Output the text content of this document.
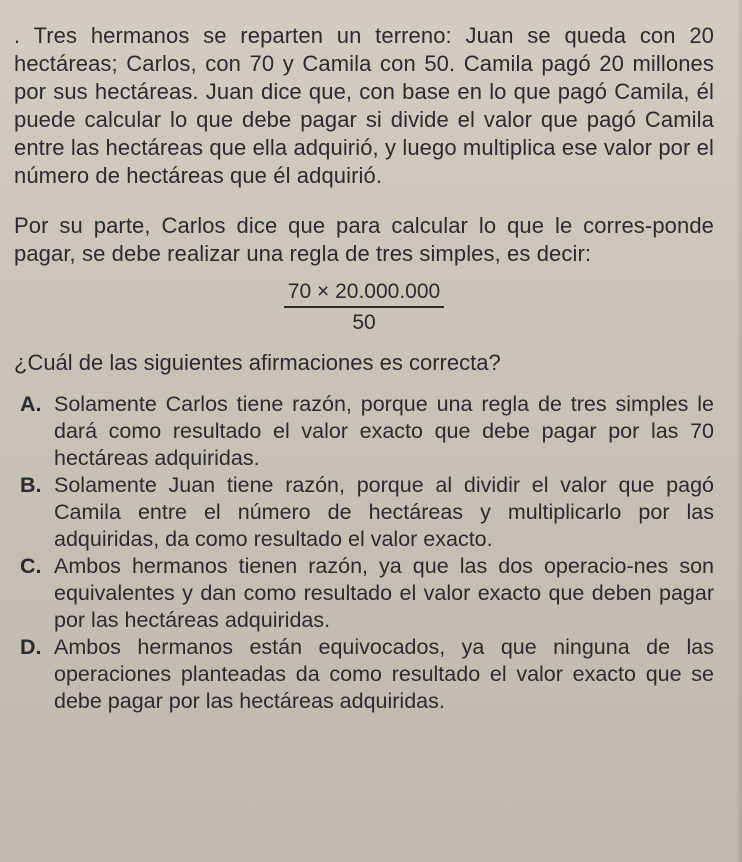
. Tres hermanos se reparten un terreno: Juan se queda con 20 hectáreas; Carlos, con 70 y Camila con 50. Camila pagó 20 millones por sus hectáreas. Juan dice que, con base en lo que pagó Camila, él puede calcular lo que debe pagar si divide el valor que pagó Camila entre las hectáreas que ella adquirió, y luego multiplica ese valor por el número de hectáreas que él adquirió.

Por su parte, Carlos dice que para calcular lo que le corres-ponde pagar, se debe realizar una regla de tres simples, es decir:

$\frac{70 \times 20.000.000}{50}$

¿Cuál de las siguientes afirmaciones es correcta?

A. Solamente Carlos tiene razón, porque una regla de tres simples le dará como resultado el valor exacto que debe pagar por las 70 hectáreas adquiridas.
B. Solamente Juan tiene razón, porque al dividir el valor que pagó Camila entre el número de hectáreas y multiplicarlo por las adquiridas, da como resultado el valor exacto.
C. Ambos hermanos tienen razón, ya que las dos operacio-nes son equivalentes y dan como resultado el valor exacto que deben pagar por las hectáreas adquiridas.
D. Ambos hermanos están equivocados, ya que ninguna de las operaciones planteadas da como resultado el valor exacto que se debe pagar por las hectáreas adquiridas.
